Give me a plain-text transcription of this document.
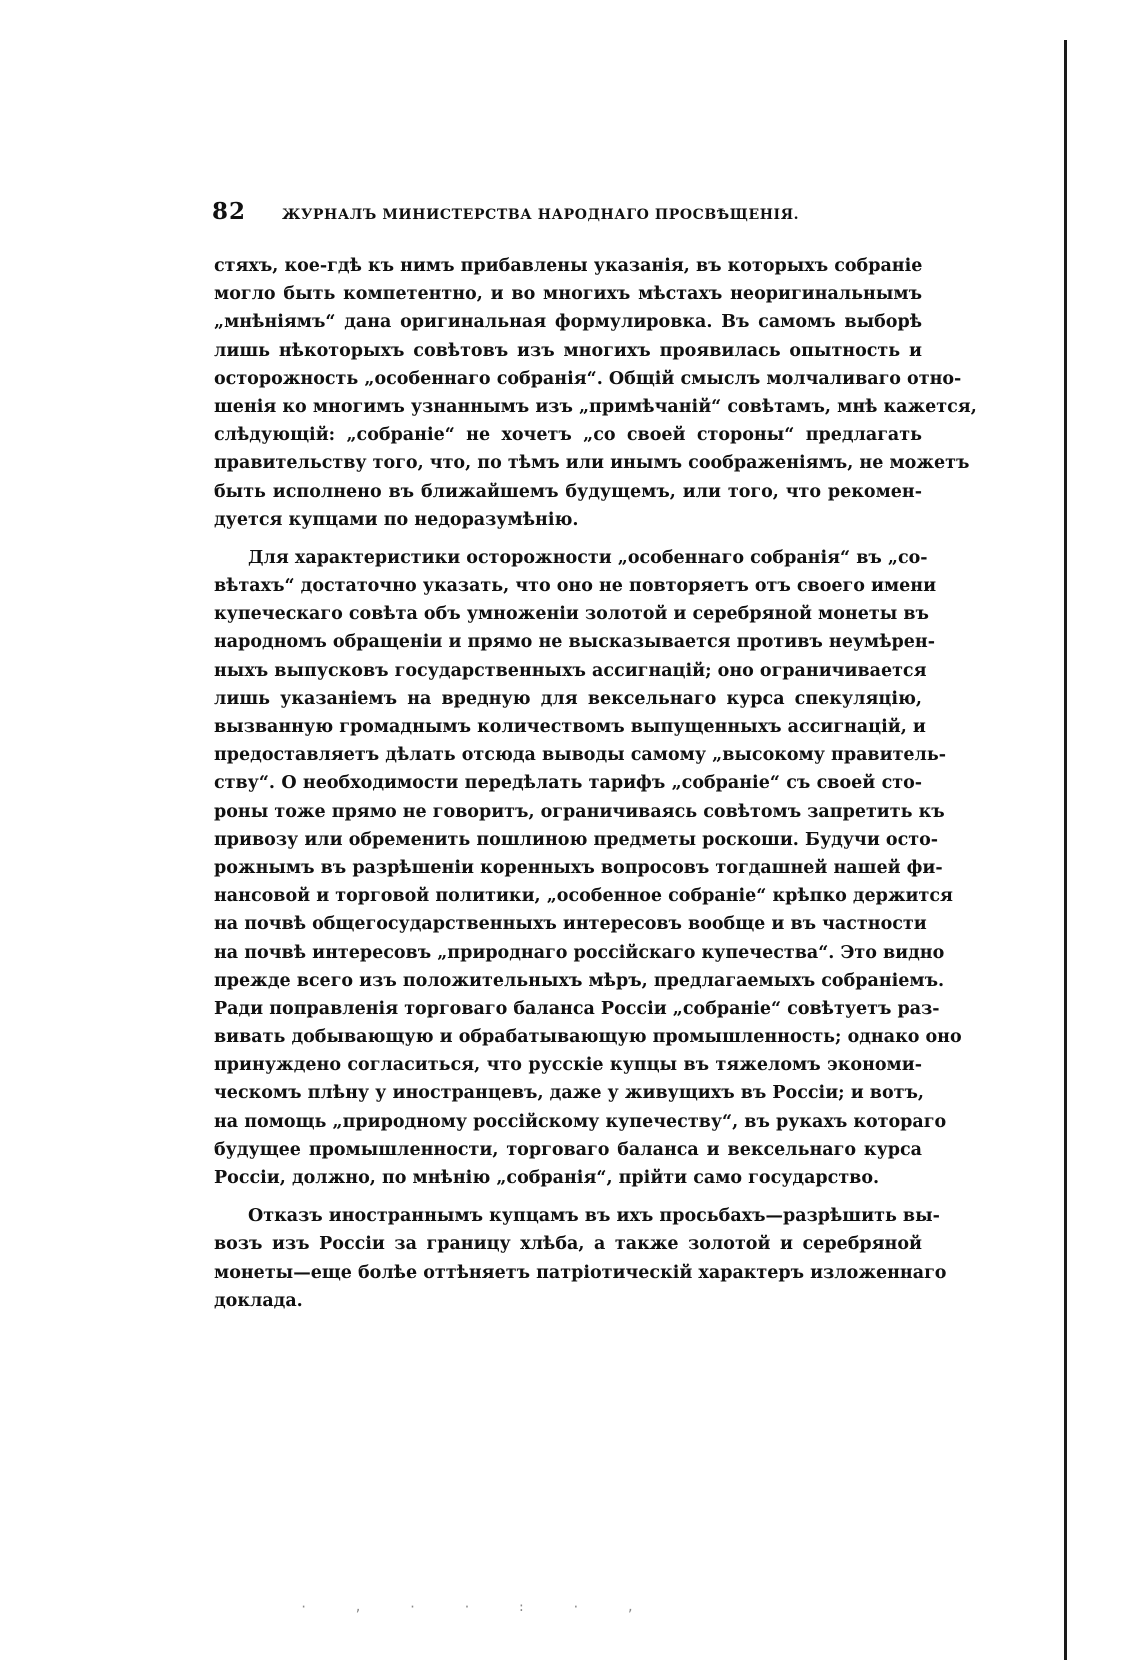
82	ЖУРНАЛЪ МИНИСТЕРСТВА НАРОДНАГО ПРОСВѢЩЕНІЯ.
стяхъ, кое-гдѣ къ нимъ прибавлены указанія, въ которыхъ собраніе
могло быть компетентно, и во многихъ мѣстахъ неоригинальнымъ
„мнѣніямъ“ дана оригинальная формулировка. Въ самомъ выборѣ
лишь нѣкоторыхъ совѣтовъ изъ многихъ проявилась опытность и
осторожность „особеннаго собранія“. Общій смыслъ молчаливаго отно-
шенія ко многимъ узнаннымъ изъ „примѣчаній“ совѣтамъ, мнѣ кажется,
слѣдующій: „собраніе“ не хочетъ „со своей стороны“ предлагать
правительству того, что, по тѣмъ или инымъ соображеніямъ, не можетъ
быть исполнено въ ближайшемъ будущемъ, или того, что рекомен-
дуется купцами по недоразумѣнію.
Для характеристики осторожности „особеннаго собранія“ въ „со-
вѣтахъ“ достаточно указать, что оно не повторяетъ отъ своего имени
купеческаго совѣта объ умноженіи золотой и серебряной монеты въ
народномъ обращеніи и прямо не высказывается противъ неумѣрен-
ныхъ выпусковъ государственныхъ ассигнацій; оно ограничивается
лишь указаніемъ на вредную для вексельнаго курса спекуляцію,
вызванную громаднымъ количествомъ выпущенныхъ ассигнацій, и
предоставляетъ дѣлать отсюда выводы самому „высокому правитель-
ству“. О необходимости передѣлать тарифъ „собраніе“ съ своей сто-
роны тоже прямо не говоритъ, ограничиваясь совѣтомъ запретить къ
привозу или обременить пошлиною предметы роскоши. Будучи осто-
рожнымъ въ разрѣшеніи коренныхъ вопросовъ тогдашней нашей фи-
нансовой и торговой политики, „особенное собраніе“ крѣпко держится
на почвѣ общегосударственныхъ интересовъ вообще и въ частности
на почвѣ интересовъ „природнаго россійскаго купечества“. Это видно
прежде всего изъ положительныхъ мѣръ, предлагаемыхъ собраніемъ.
Ради поправленія торговаго баланса Россіи „собраніе“ совѣтуетъ раз-
вивать добывающую и обрабатывающую промышленность; однако оно
принуждено согласиться, что русскіе купцы въ тяжеломъ экономи-
ческомъ плѣну у иностранцевъ, даже у живущихъ въ Россіи; и вотъ,
на помощь „природному россійскому купечеству“, въ рукахъ котораго
будущее промышленности, торговаго баланса и вексельнаго курса
Россіи, должно, по мнѣнію „собранія“, прійти само государство.
Отказъ иностраннымъ купцамъ въ ихъ просьбахъ—разрѣшить вы-
возъ изъ Россіи за границу хлѣба, а также золотой и серебряной
монеты—еще болѣе оттѣняетъ патріотическій характеръ изложеннаго
доклада.
· , · · : · ,
